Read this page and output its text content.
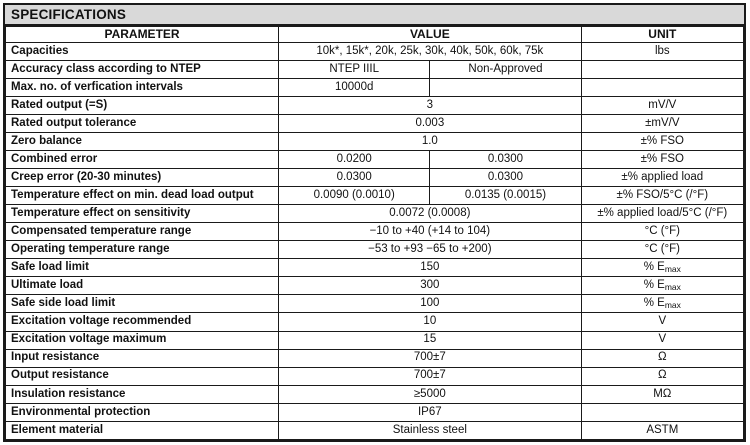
SPECIFICATIONS
PARAMETER	VALUE		UNIT
Capacities	10k*, 15k*, 20k, 25k, 30k, 40k, 50k, 60k, 75k		lbs
Accuracy class according to NTEP	NTEP IIIL	Non-Approved	
Max. no. of verfication intervals	10000d		
Rated output (=S)	3		mV/V
Rated output tolerance	0.003		±mV/V
Zero balance	1.0		±% FSO
Combined error	0.0200	0.0300	±% FSO
Creep error (20-30 minutes)	0.0300	0.0300	±% applied load
Temperature effect on min. dead load output	0.0090 (0.0010)	0.0135 (0.0015)	±% FSO/5°C (/°F)
Temperature effect on sensitivity	0.0072 (0.0008)		±% applied load/5°C (/°F)
Compensated temperature range	−10 to +40 (+14 to 104)		°C (°F)
Operating temperature range	−53 to +93 −65 to +200)		°C (°F)
Safe load limit	150		% $E_{max}$
Ultimate load	300		% $E_{max}$
Safe side load limit	100		% $E_{max}$
Excitation voltage recommended	10		V
Excitation voltage maximum	15		V
Input resistance	700±7		Ω
Output resistance	700±7		Ω
Insulation resistance	≥5000		MΩ
Environmental protection	IP67		
Element material	Stainless steel		ASTM
